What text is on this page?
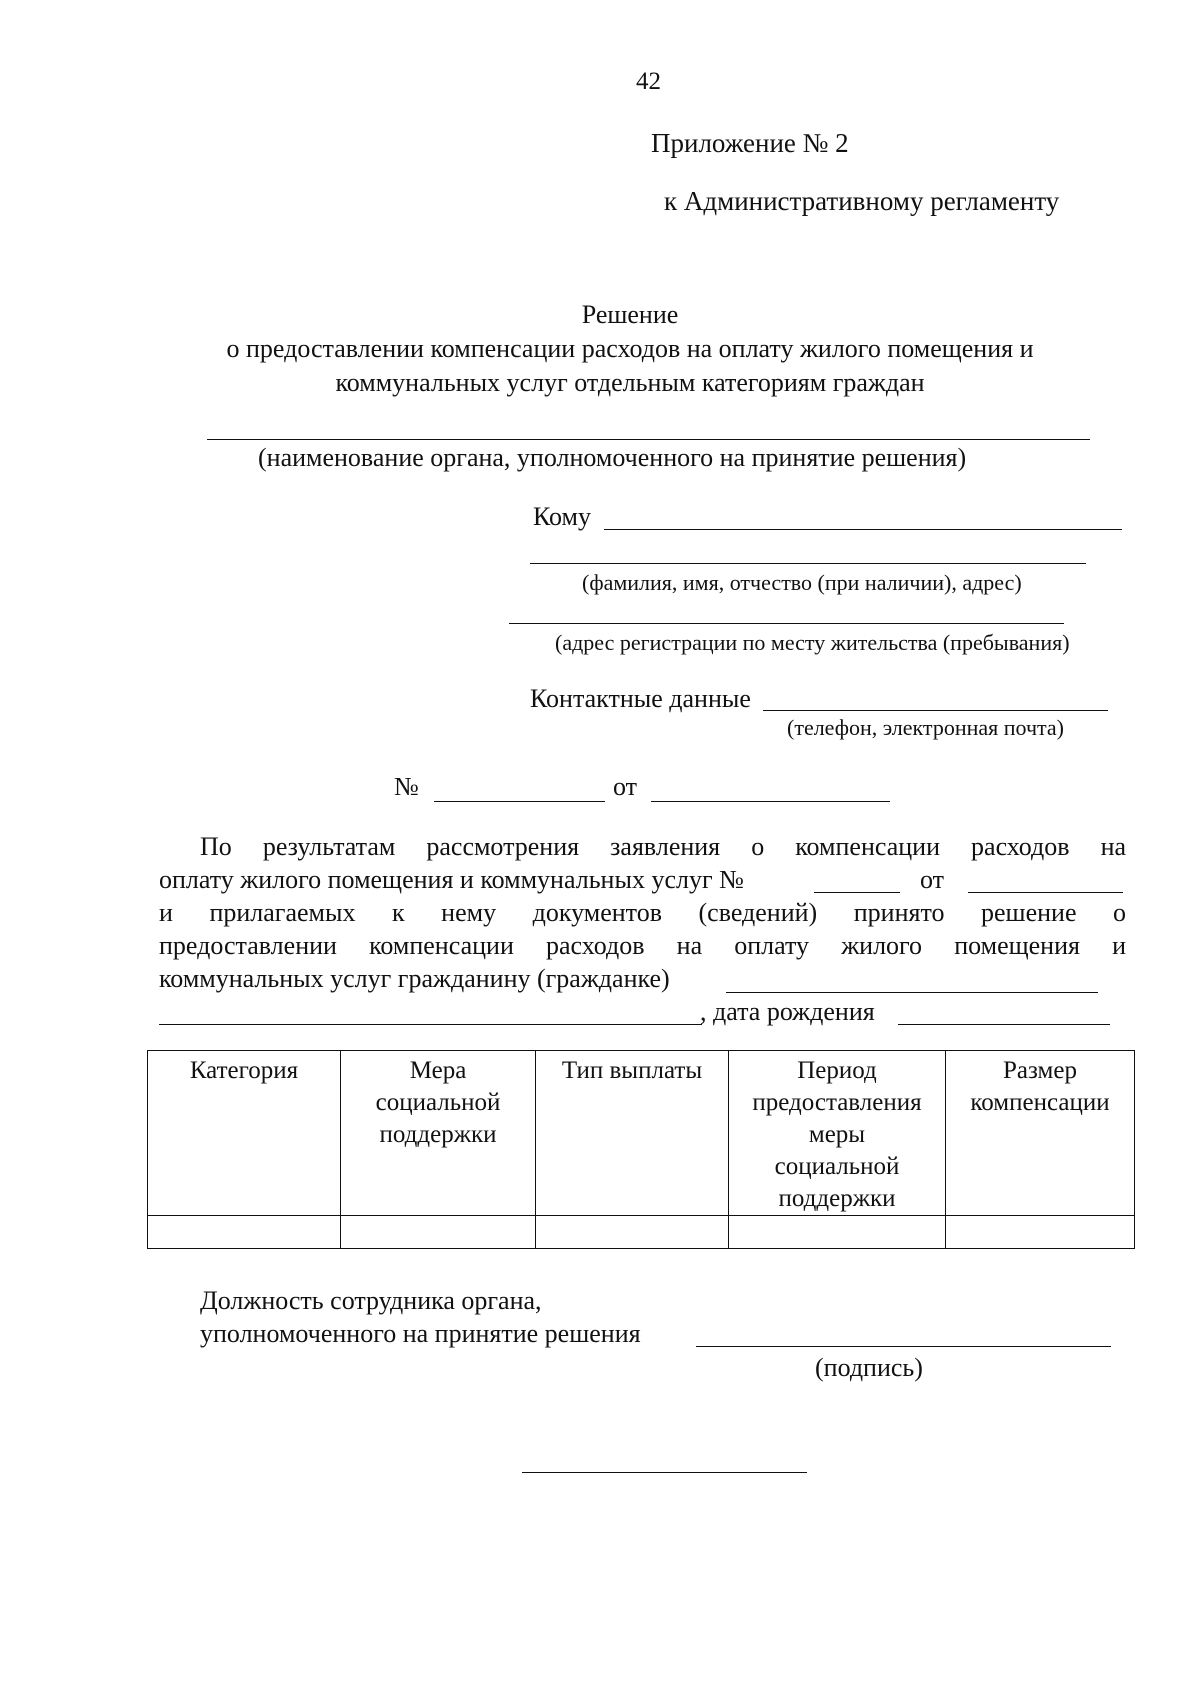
42
Приложение № 2
к Административному регламенту
Решение
о предоставлении компенсации расходов на оплату жилого помещения и
коммунальных услуг отдельным категориям граждан
(наименование органа, уполномоченного на принятие решения)
Кому
(фамилия, имя, отчество (при наличии), адрес)
(адрес регистрации по месту жительства (пребывания)
Контактные данные
(телефон, электронная почта)
№	от
По результатам рассмотрения заявления о компенсации расходов на
оплату жилого помещения и коммунальных услуг №	от
и прилагаемых к нему документов (сведений) принято решение о
предоставлении компенсации расходов на оплату жилого помещения и
коммунальных услуг гражданину (гражданке)
, дата рождения
Категория	Мера
социальной
поддержки	Тип выплаты	Период
предоставления
меры
социальной
поддержки	Размер
компенсации

Должность сотрудника органа,
уполномоченного на принятие решения
(подпись)
